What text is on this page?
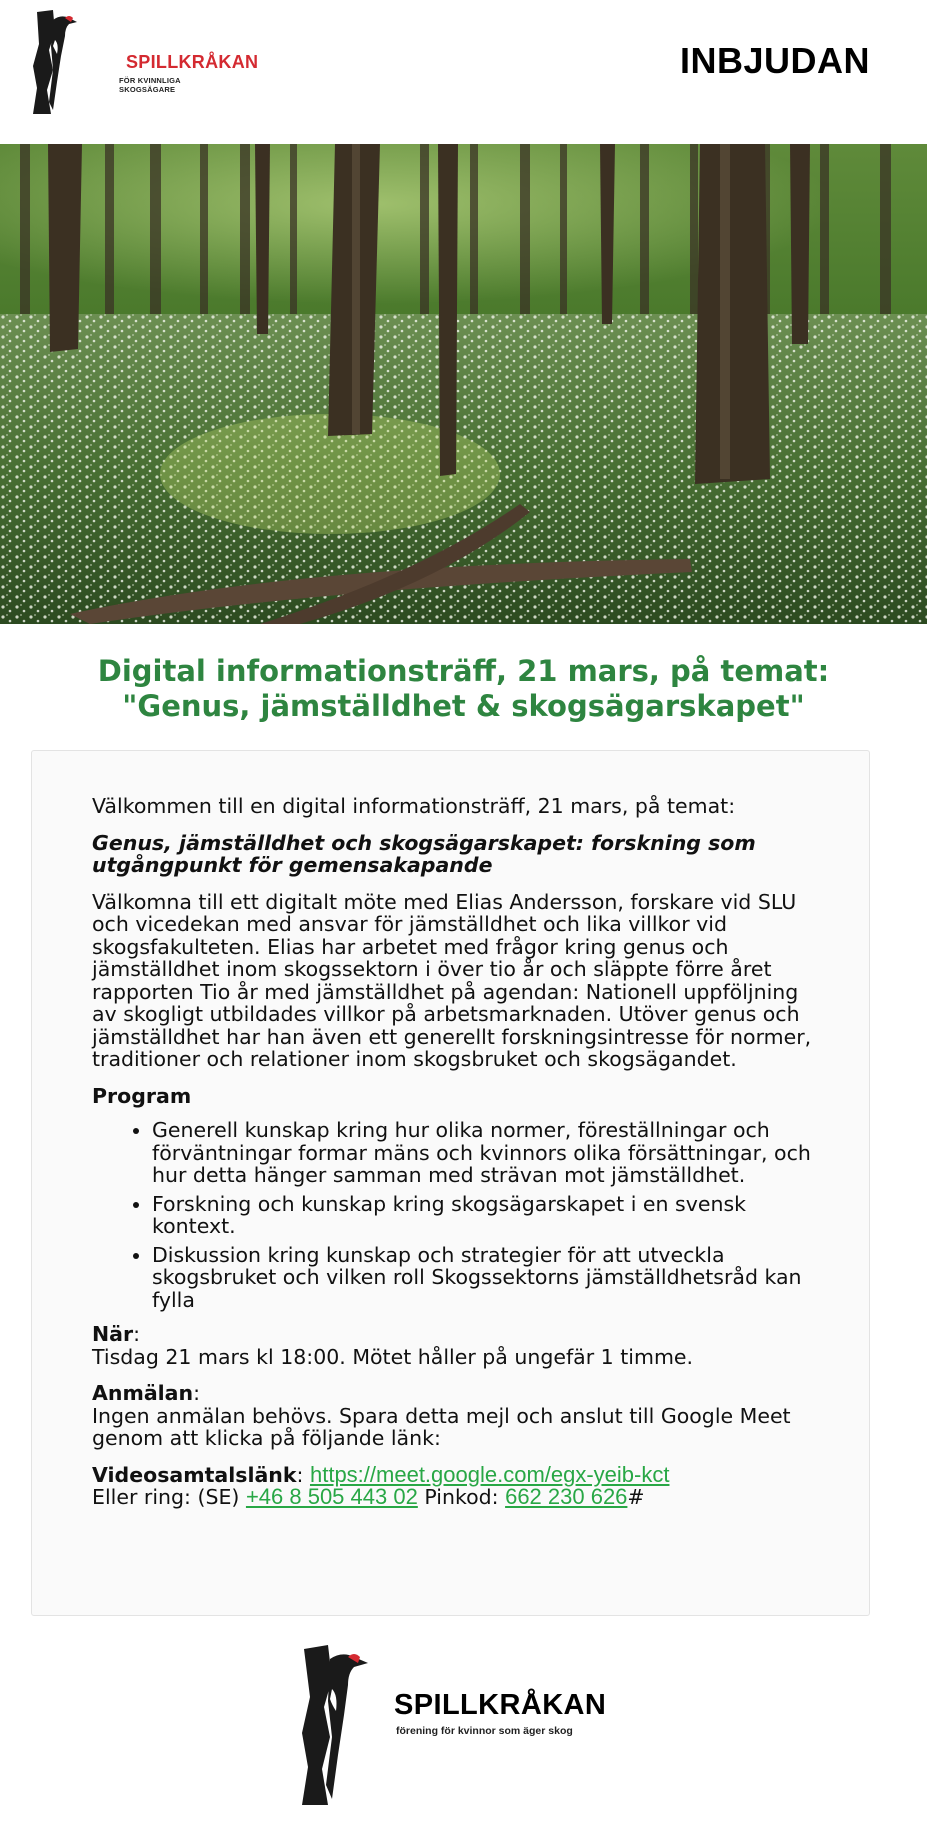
SPILLKRÅKAN
FÖR KVINNLIGA SKOGSÄGARE
INBJUDAN
Digital informationsträff, 21 mars, på temat:
"Genus, jämställdhet & skogsägarskapet"

Välkommen till en digital informationsträff, 21 mars, på temat:

Genus, jämställdhet och skogsägarskapet: forskning som utgångpunkt för gemensakapande

Välkomna till ett digitalt möte med Elias Andersson, forskare vid SLU och vicedekan med ansvar för jämställdhet och lika villkor vid skogsfakulteten. Elias har arbetet med frågor kring genus och jämställdhet inom skogssektorn i över tio år och släppte förre året rapporten Tio år med jämställdhet på agendan: Nationell uppföljning av skogligt utbildades villkor på arbetsmarknaden. Utöver genus och jämställdhet har han även ett generellt forskningsintresse för normer, traditioner och relationer inom skogsbruket och skogsägandet.

Program

• Generell kunskap kring hur olika normer, föreställningar och förväntningar formar mäns och kvinnors olika försättningar, och hur detta hänger samman med strävan mot jämställdhet.
• Forskning och kunskap kring skogsägarskapet i en svensk kontext.
• Diskussion kring kunskap och strategier för att utveckla skogsbruket och vilken roll Skogssektorns jämställdhetsråd kan fylla

När:
Tisdag 21 mars kl 18:00. Mötet håller på ungefär 1 timme.

Anmälan:
Ingen anmälan behövs. Spara detta mejl och anslut till Google Meet genom att klicka på följande länk:

Videosamtalslänk: https://meet.google.com/egx-yeib-kct
Eller ring: (SE) +46 8 505 443 02 Pinkod: 662 230 626#

SPILLKRÅKAN
förening för kvinnor som äger skog
